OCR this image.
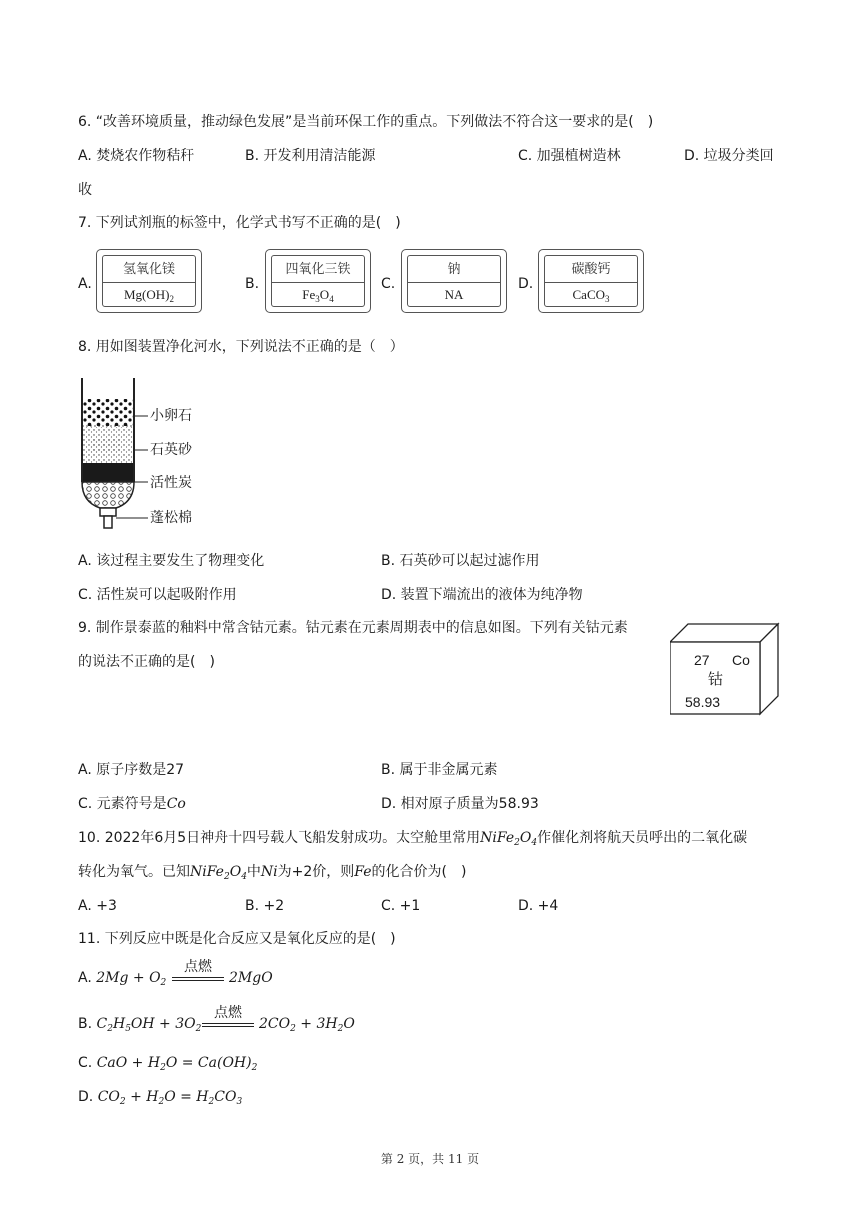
6. “改善环境质量，推动绿色发展”是当前环保工作的重点。下列做法不符合这一要求的是(　)
A. 焚烧农作物秸秆	B. 开发利用清洁能源	C. 加强植树造林	D. 垃圾分类回
收
7. 下列试剂瓶的标签中，化学式书写不正确的是(　)
A.
氢氧化镁
$Mg(OH)_2$
B.
四氧化三铁
$Fe_3O_4$
C.
钠
NA
D.
碳酸钙
CaCO$_3$
8. 用如图装置净化河水，下列说法不正确的是（　）
小卵石
石英砂
活性炭
蓬松棉
A. 该过程主要发生了物理变化	B. 石英砂可以起过滤作用
C. 活性炭可以起吸附作用	D. 装置下端流出的液体为纯净物
9. 制作景泰蓝的釉料中常含钴元素。钴元素在元素周期表中的信息如图。下列有关钴元素
的说法不正确的是(　)	27 Co
钴
58.93
A. 原子序数是27	B. 属于非金属元素
C. 元素符号是Co	D. 相对原子质量为58.93
10. 2022年6月5日神舟十四号载人飞船发射成功。太空舱里常用$NiFe_2O_4$作催化剂将航天员呼出的二氧化碳
转化为氧气。已知$NiFe_2O_4$中Ni为+2价，则Fe的化合价为(　)
A. +3	B. +2	C. +1	D. +4
11. 下列反应中既是化合反应又是氧化反应的是(　)
A. $2Mg + O_2$
点燃
2MgO
B. $C_2H_5OH + 3O_2$
点燃
$2CO_2 + 3H_2O$
C. CaO + $H_2O = Ca(OH)_2$
D. $CO_2 + H_2O = H_2CO_3$
第 2 页，共 11 页
